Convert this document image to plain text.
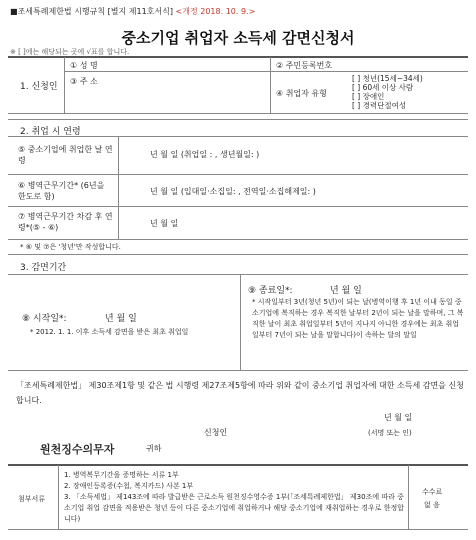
■조세특례제한법 시행규칙 [별지 제11호서식] <개정 2018. 10. 9.>
중소기업 취업자 소득세 감면신청서
※ [ ]에는 해당되는 곳에 √표를 합니다.
1. 신청인
① 성 명	② 주민등록번호
③ 주 소
④ 취업자 유형
[ ] 청년(15세~34세)
[ ] 60세 이상 사람
[ ] 장애인
[ ] 경력단절여성
2. 취업 시 연령
⑤ 중소기업에 취업한 날 연령
년 월 일 (취업일 : , 생년월일: )
⑥ 병역근무기간* (6년을 한도로 함)
년 월 일 (입대일·소집일: , 전역일·소집해제일: )
⑦ 병역근무기간 차감 후 연령*(⑤ - ⑥)	년 월 일
* ⑥ 및 ⑦은 '청년'만 작성합니다.
3. 감면기간
⑧ 시작일*:	년 월 일
* 2012. 1. 1. 이후 소득세 감면을 받은 최초 취업일
⑨ 종료일*:	년 월 일
* 시작일부터 3년(청년 5년)이 되는 날(병역이행 후 1년 이내 동일 중소기업에 복직하는 경우 복직한 날부터 2년이 되는 날을 말하며, 그 복직한 날이 최초 취업일부터 5년이 지나지 아니한 경우에는 최초 취업일부터 7년이 되는 날을 말합니다)이 속하는 달의 말일
「조세특례제한법」 제30조제1항 및 같은 법 시행령 제27조제5항에 따라 위와 같이 중소기업 취업자에 대한 소득세 감면을 신청합니다.
년 월 일
신청인	(서명 또는 인)
원천징수의무자	귀하
첨부서류
1. 병역복무기간을 증명하는 서류 1부
2. 장애인등록증(수첩, 복지카드) 사본 1부
3. 「소득세법」 제143조에 따라 발급받은 근로소득 원천징수영수증 1부(「조세특례제한법」 제30조에 따라 중소기업 취업 감면을 적용받은 청년 등이 다른 중소기업에 취업하거나 해당 중소기업에 재취업하는 경우로 한정합니다)
수수료
없 음
